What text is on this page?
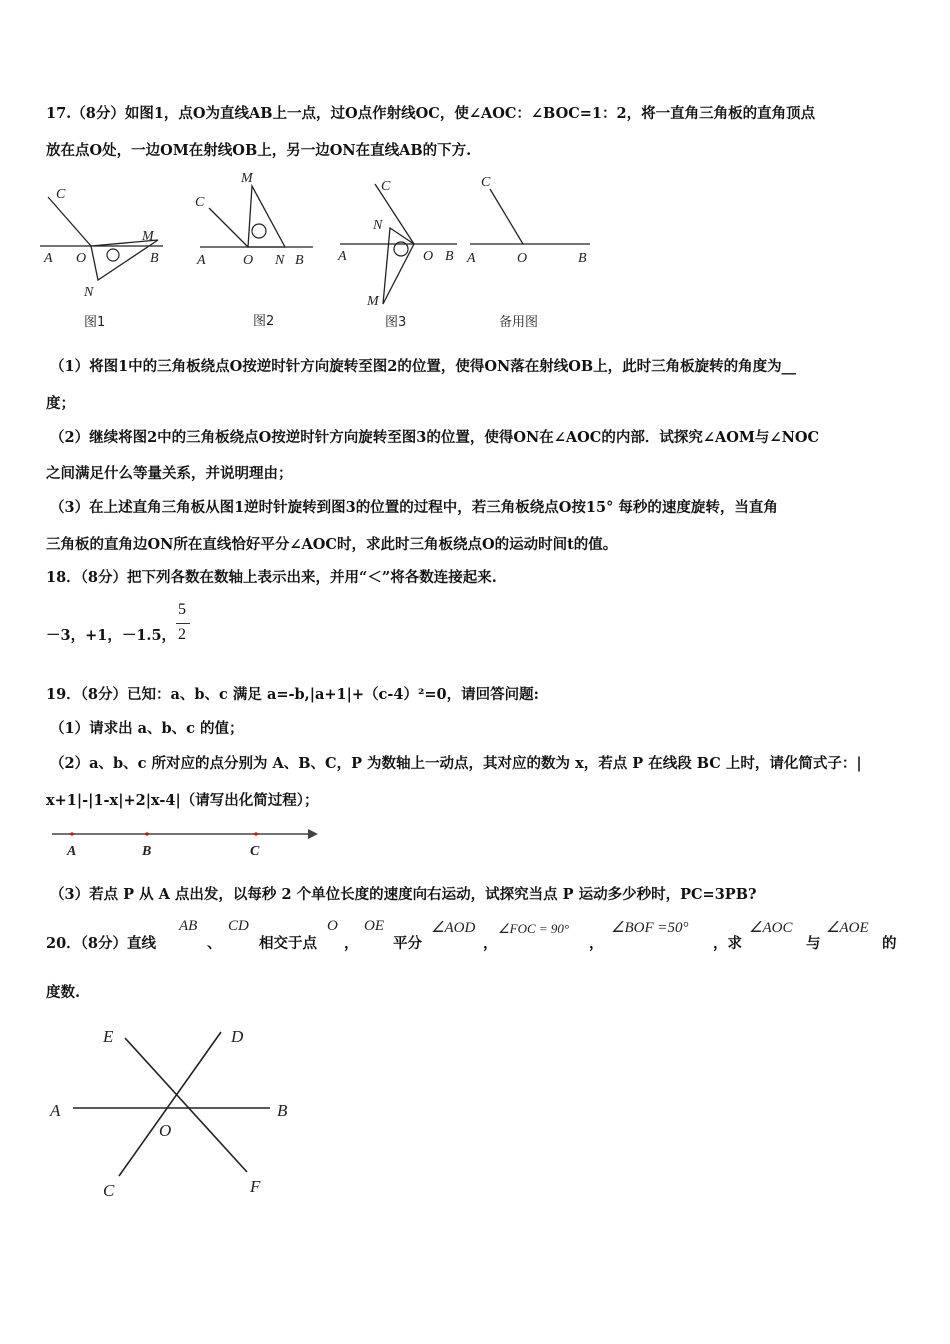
17.（8分）如图1，点O为直线AB上一点，过O点作射线OC，使∠AOC：∠BOC=1：2，将一直角三角板的直角顶点
放在点O处，一边OM在射线OB上，另一边ON在直线AB的下方.
C
A O
M
B
N
图1
M
C
A	O N B
图2
C
N
A	O B
M
图3
C
A	O	B
备用图
（1）将图1中的三角板绕点O按逆时针方向旋转至图2的位置，使得ON落在射线OB上，此时三角板旋转的角度为__
度；
（2）继续将图2中的三角板绕点O按逆时针方向旋转至图3的位置，使得ON在∠AOC的内部．试探究∠AOM与∠NOC
之间满足什么等量关系，并说明理由；
（3）在上述直角三角板从图1逆时针旋转到图3的位置的过程中，若三角板绕点O按15° 每秒的速度旋转，当直角
三角板的直角边ON所在直线恰好平分∠AOC时，求此时三角板绕点O的运动时间t的值。
18．（8分）把下列各数在数轴上表示出来，并用“＜”将各数连接起来.
－3，+1，－1.5，
5
2
19．（8分）已知：a、b、c 满足 a=-b,|a+1|+（c-4）²=0，请回答问题:
（1）请求出 a、b、c 的值；
（2）a、b、c 所对应的点分别为 A、B、C，P 为数轴上一动点，其对应的数为 x，若点 P 在线段 BC 上时，请化简式子：|
x+1|-|1-x|+2|x-4|（请写出化简过程）；
A	B	C
（3）若点 P 从 A 点出发，以每秒 2 个单位长度的速度向右运动，试探究当点 P 运动多少秒时，PC=3PB?
20．（8分）直线
AB
、
CD
相交于点
O
，
OE
平分
∠AOD
，
∠FOC = 90°
，
∠BOF =50°
，求
∠AOC
与
∠AOE
的
度数.
E	D
A	B
O
C	F
